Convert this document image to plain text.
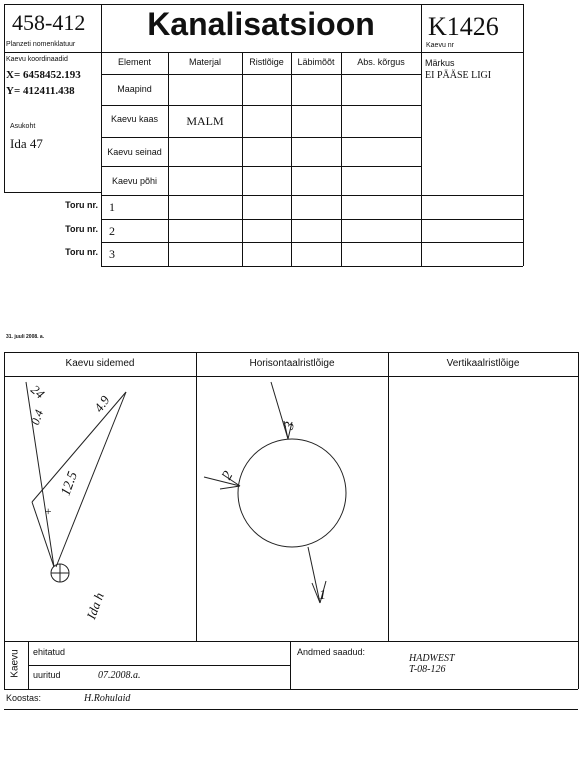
458-412
Planzeti nomenklatuur
Kanalisatsioon	K1426
Kaevu nr
Kaevu koordinaadid
X= 6458452.193
Y= 412411.438
Asukoht
Ida 47
Märkus
EI PÄÄSE LIGI
Element	Materjal	Ristlõige	Läbimõõt	Abs. kõrgus
Maapind
Kaevu kaas	MALM
Kaevu seinad
Kaevu põhi
Toru nr. 1
Toru nr. 2
Toru nr. 3
31. juuli 2008. a.
Kaevu sidemed	Horisontaalristlõige	Vertikaalristlõige
24
0.4
4.9
12.5
+
Ida h
3
2
1
Kaevu ehitatud
uuritud	07.2008.a.
Andmed saadud:
HADWEST
T-08-126
Koostas:	H.Rohulaid
